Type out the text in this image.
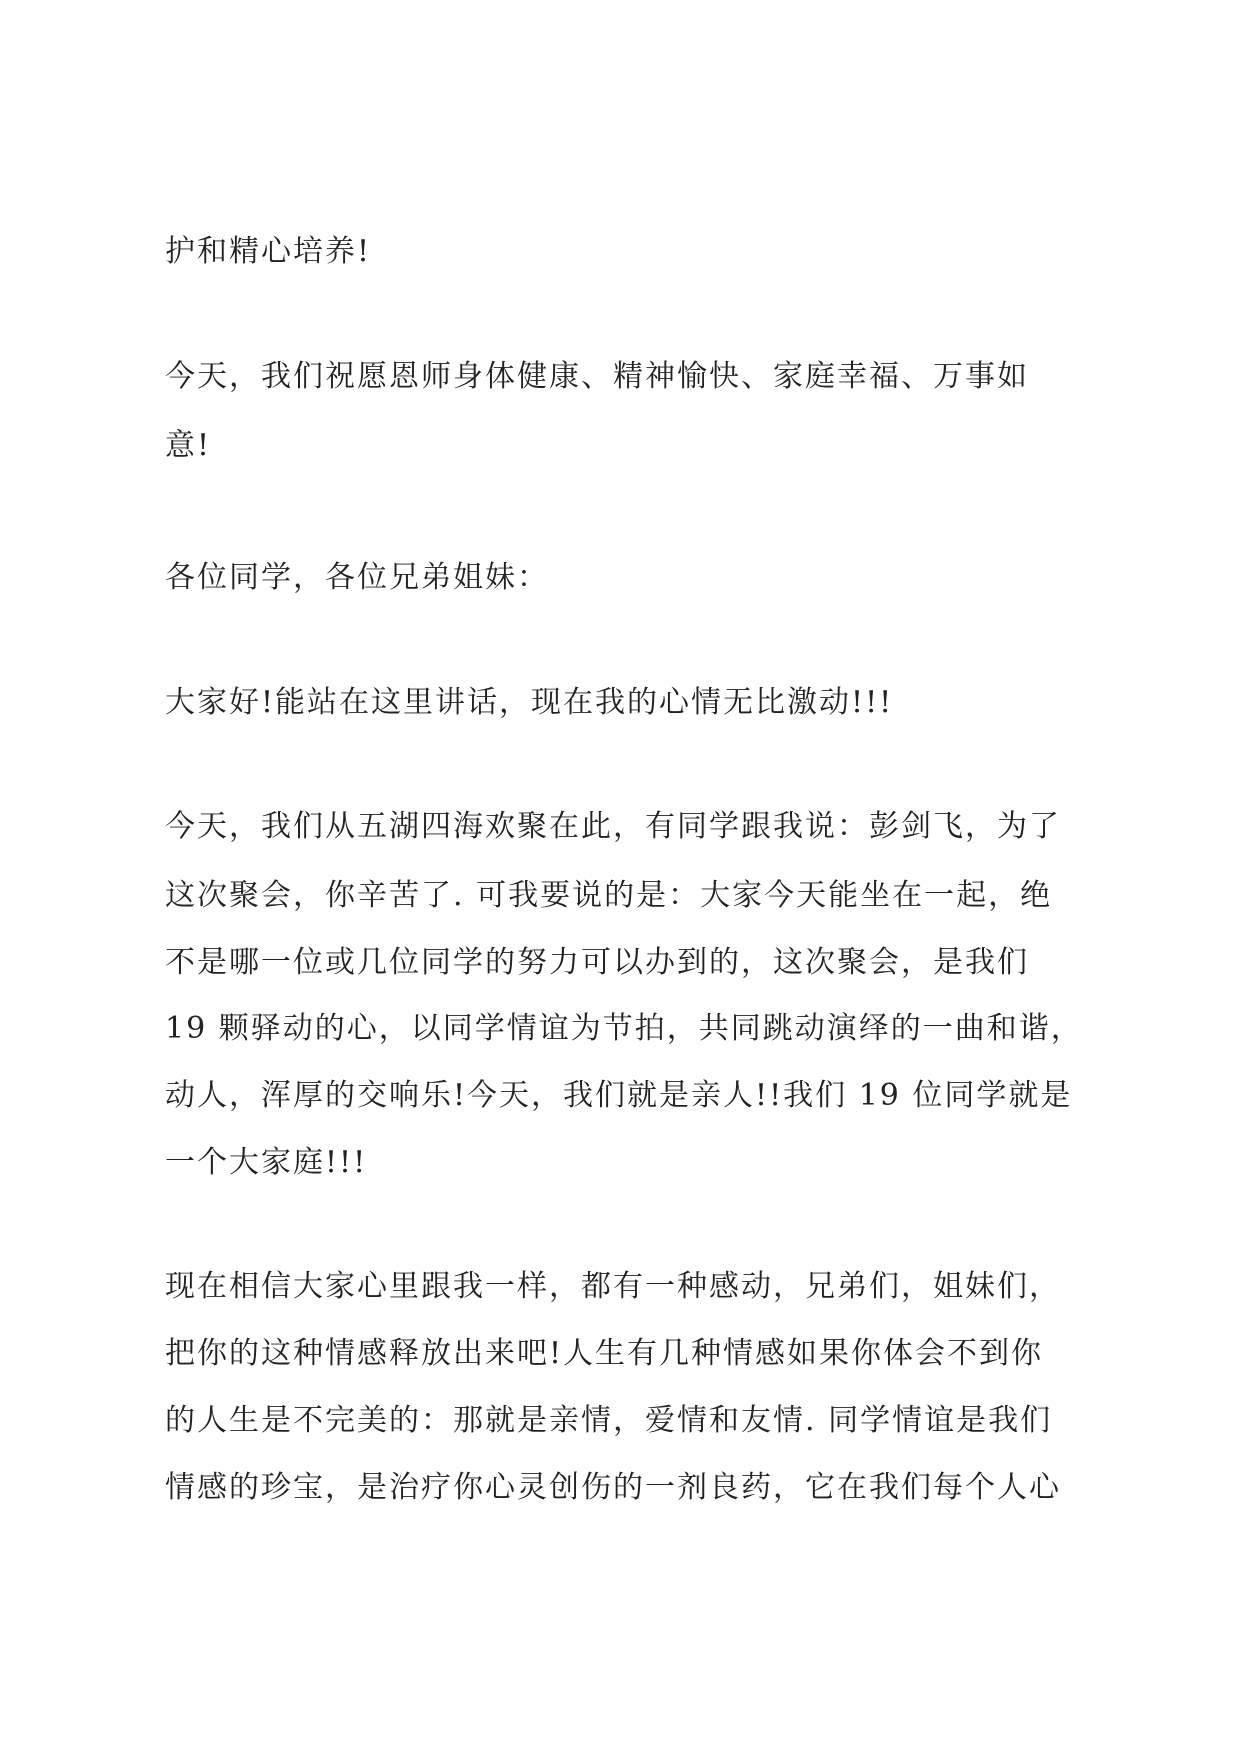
护和精心培养!

今天，我们祝愿恩师身体健康、精神愉快、家庭幸福、万事如

意!

各位同学，各位兄弟姐妹：

大家好!能站在这里讲话，现在我的心情无比激动!!!

今天，我们从五湖四海欢聚在此，有同学跟我说：彭剑飞，为了

这次聚会，你辛苦了. 可我要说的是：大家今天能坐在一起，绝

不是哪一位或几位同学的努力可以办到的，这次聚会，是我们

19 颗驿动的心，以同学情谊为节拍，共同跳动演绎的一曲和谐，

动人，浑厚的交响乐!今天，我们就是亲人!!我们 19 位同学就是

一个大家庭!!!

现在相信大家心里跟我一样，都有一种感动，兄弟们，姐妹们，

把你的这种情感释放出来吧!人生有几种情感如果你体会不到你

的人生是不完美的：那就是亲情，爱情和友情. 同学情谊是我们

情感的珍宝，是治疗你心灵创伤的一剂良药，它在我们每个人心
